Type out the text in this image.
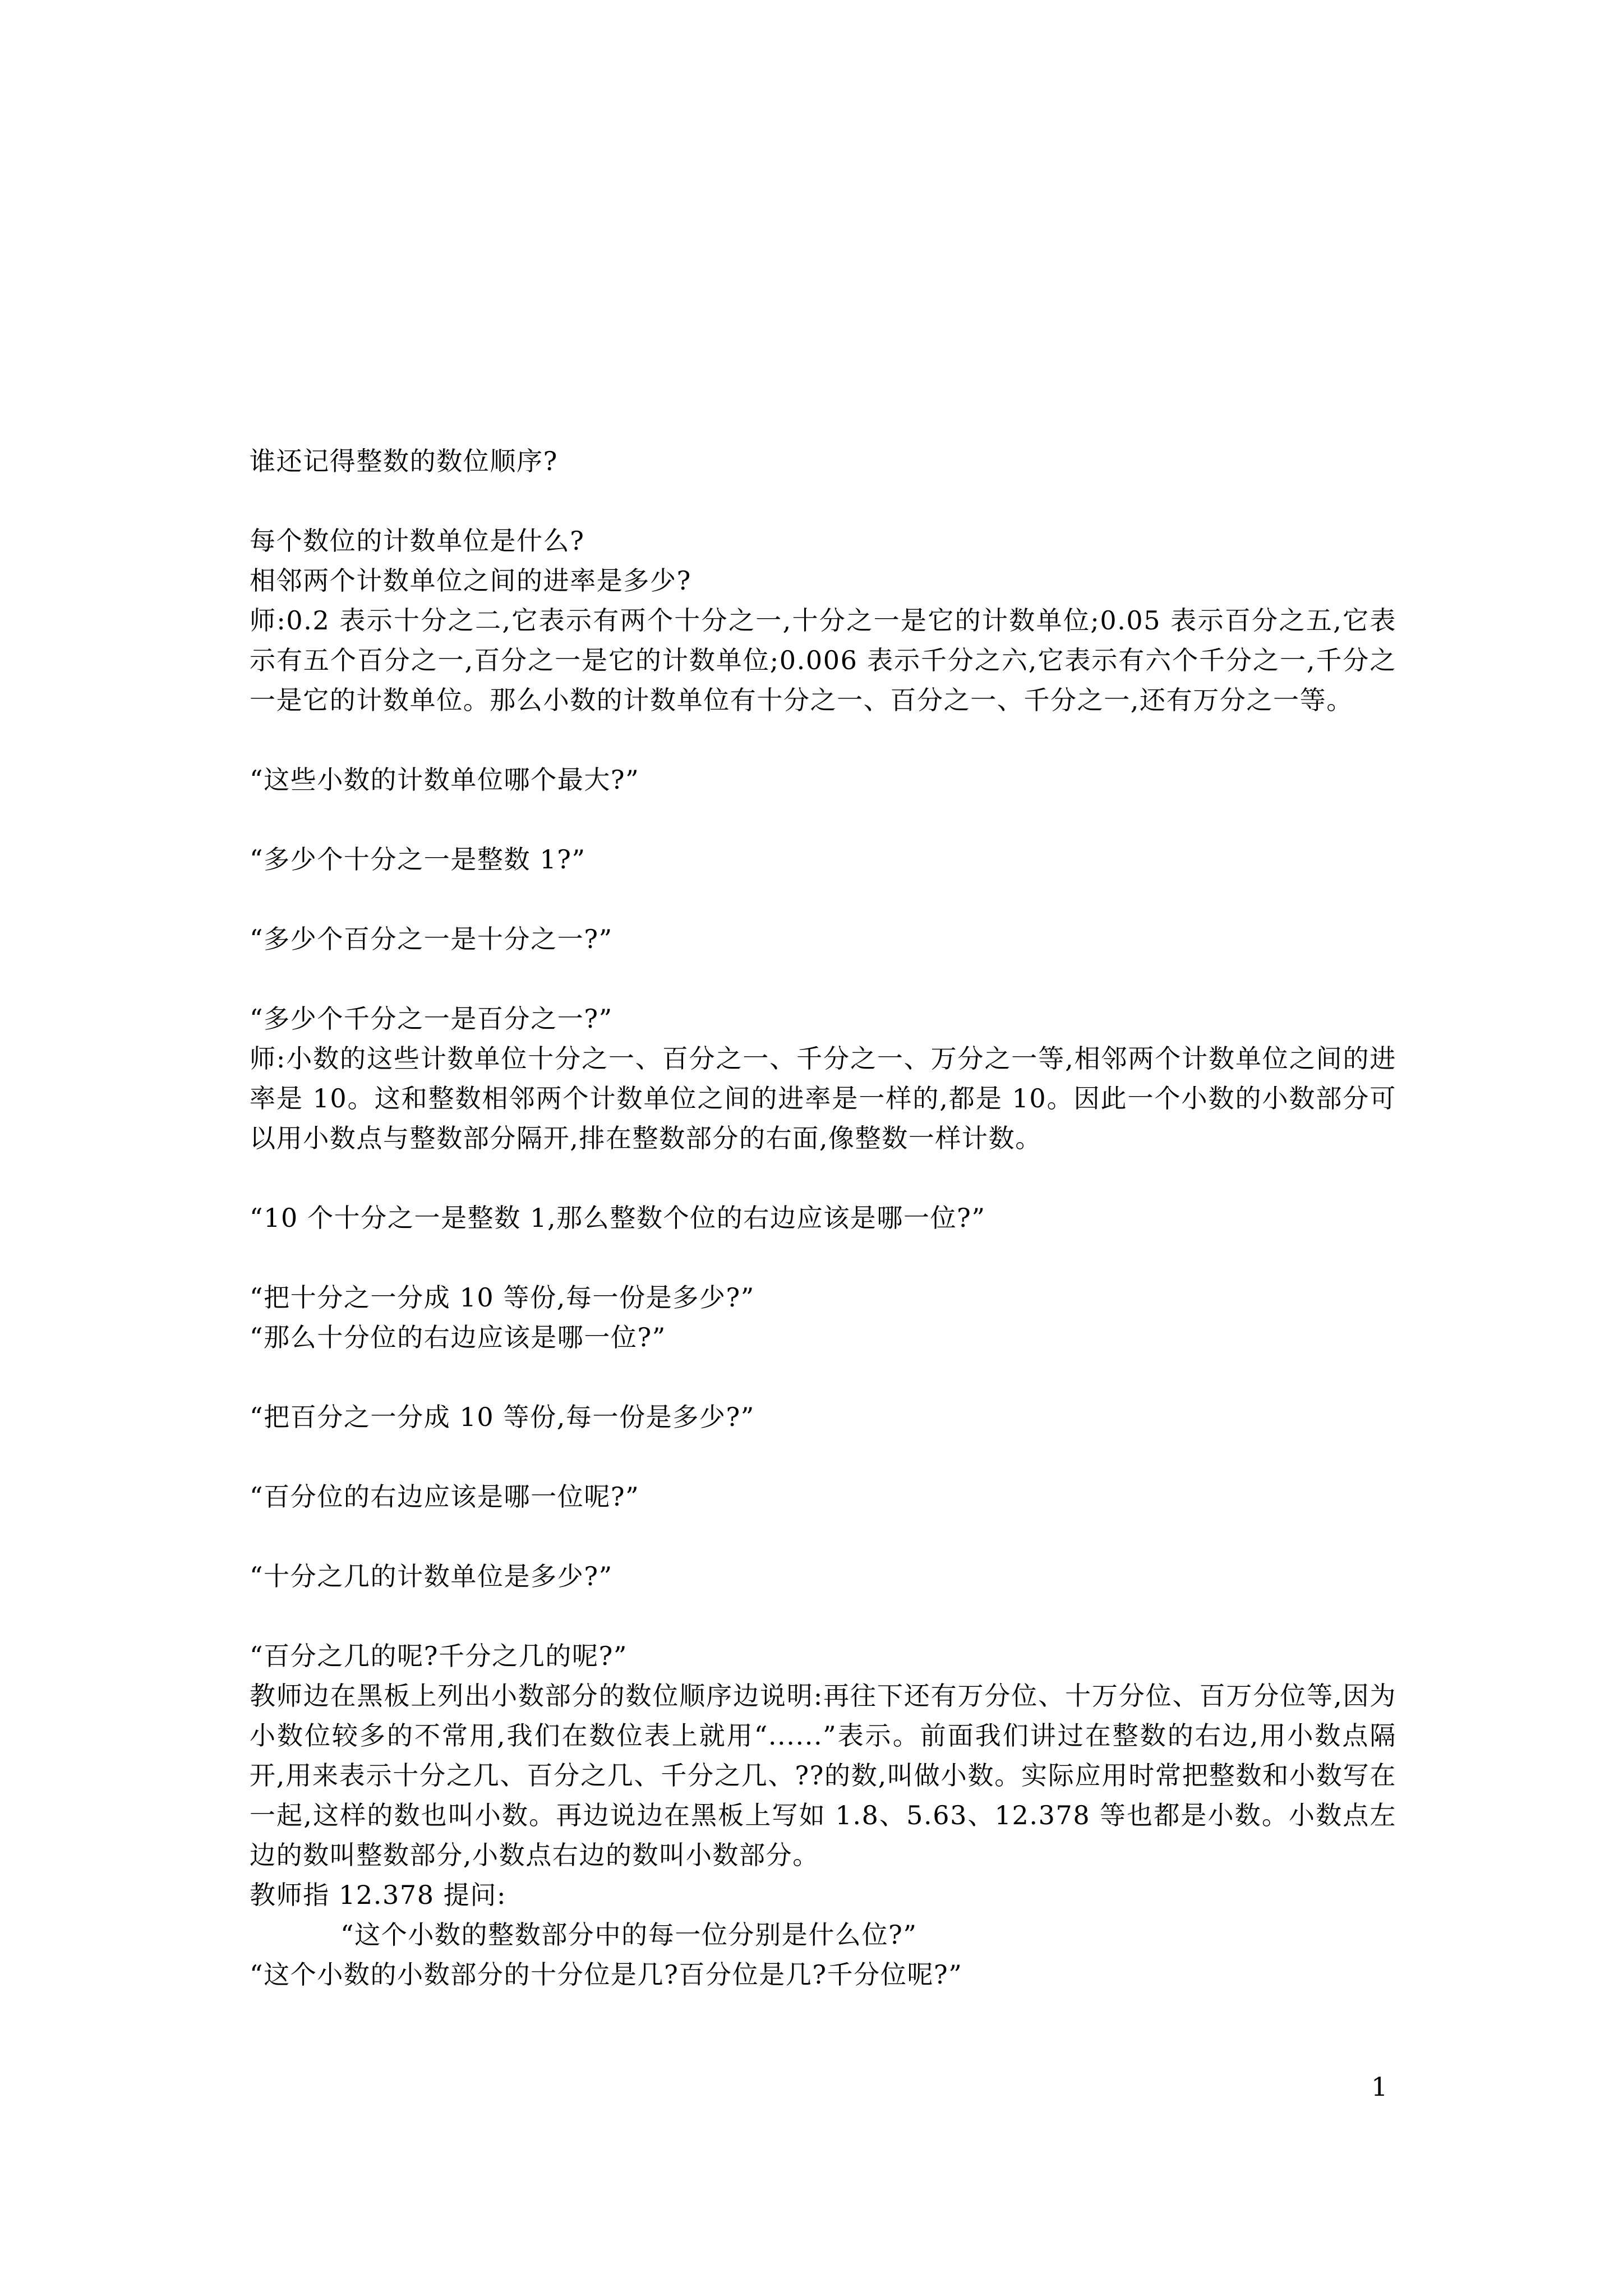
谁还记得整数的数位顺序?
每个数位的计数单位是什么?
相邻两个计数单位之间的进率是多少?
师:0.2 表示十分之二,它表示有两个十分之一,十分之一是它的计数单位;0.05 表示百分之五,它表示有五个百分之一,百分之一是它的计数单位;0.006 表示千分之六,它表示有六个千分之一,千分之一是它的计数单位。那么小数的计数单位有十分之一、百分之一、千分之一,还有万分之一等。
“这些小数的计数单位哪个最大?”
“多少个十分之一是整数 1?”
“多少个百分之一是十分之一?”
“多少个千分之一是百分之一?”
师:小数的这些计数单位十分之一、百分之一、千分之一、万分之一等,相邻两个计数单位之间的进率是 10。这和整数相邻两个计数单位之间的进率是一样的,都是 10。因此一个小数的小数部分可以用小数点与整数部分隔开,排在整数部分的右面,像整数一样计数。
“10 个十分之一是整数 1,那么整数个位的右边应该是哪一位?”
“把十分之一分成 10 等份,每一份是多少?”
“那么十分位的右边应该是哪一位?”
“把百分之一分成 10 等份,每一份是多少?”
“百分位的右边应该是哪一位呢?”
“十分之几的计数单位是多少?”
“百分之几的呢?千分之几的呢?”
教师边在黑板上列出小数部分的数位顺序边说明:再往下还有万分位、十万分位、百万分位等,因为小数位较多的不常用,我们在数位表上就用“......”表示。前面我们讲过在整数的右边,用小数点隔开,用来表示十分之几、百分之几、千分之几、??的数,叫做小数。实际应用时常把整数和小数写在一起,这样的数也叫小数。再边说边在黑板上写如 1.8、5.63、12.378 等也都是小数。小数点左边的数叫整数部分,小数点右边的数叫小数部分。
教师指 12.378 提问:
“这个小数的整数部分中的每一位分别是什么位?”
“这个小数的小数部分的十分位是几?百分位是几?千分位呢?”
1
